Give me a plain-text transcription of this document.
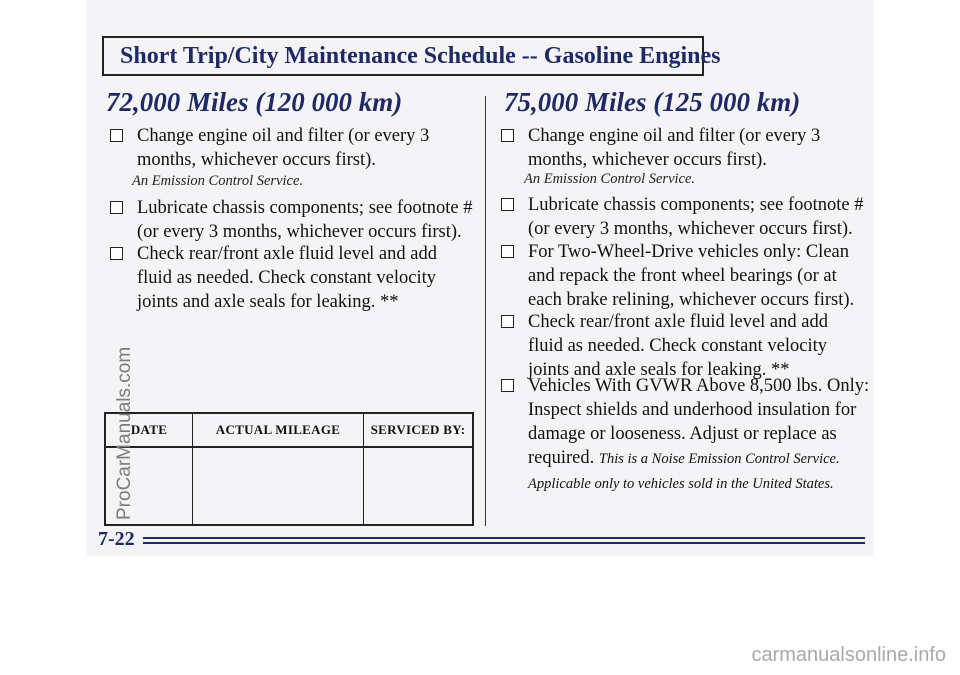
Short Trip/City Maintenance Schedule -- Gasoline Engines
72,000 Miles (120 000 km)
Change engine oil and filter (or every 3 months, whichever occurs first).
An Emission Control Service.
Lubricate chassis components; see footnote # (or every 3 months, whichever occurs first).
Check rear/front axle fluid level and add fluid as needed. Check constant velocity joints and axle seals for leaking. **
DATE	ACTUAL MILEAGE	SERVICED BY:

75,000 Miles (125 000 km)
Change engine oil and filter (or every 3 months, whichever occurs first).
An Emission Control Service.
Lubricate chassis components; see footnote # (or every 3 months, whichever occurs first).
For Two-Wheel-Drive vehicles only: Clean and repack the front wheel bearings (or at each brake relining, whichever occurs first).
Check rear/front axle fluid level and add fluid as needed. Check constant velocity joints and axle seals for leaking. **
Vehicles With GVWR Above 8,500 lbs. Only: Inspect shields and underhood insulation for damage or looseness. Adjust or replace as required. This is a Noise Emission Control Service. Applicable only to vehicles sold in the United States.
7-22
ProCarManuals.com
carmanualsonline.info
